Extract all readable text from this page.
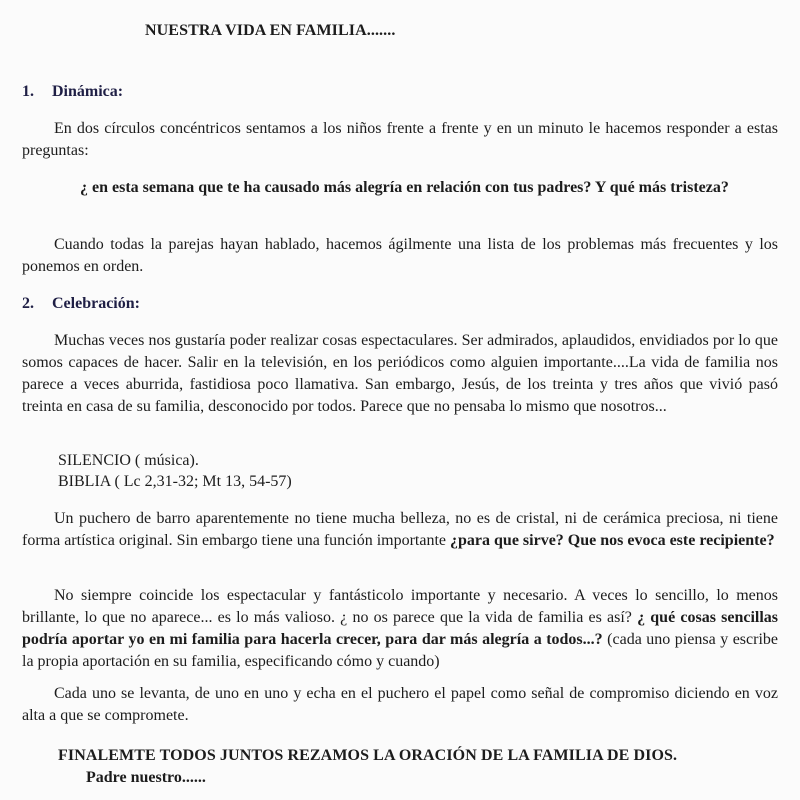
NUESTRA VIDA EN FAMILIA.......
1. Dinámica:
En dos círculos concéntricos sentamos a los niños frente a frente y en un minuto le hacemos responder a estas preguntas:
¿ en esta semana que te ha causado más alegría en relación con tus padres? Y qué más tristeza?
Cuando todas la parejas hayan hablado, hacemos ágilmente una lista de los problemas más frecuentes y los ponemos en orden.
2. Celebración:
Muchas veces nos gustaría poder realizar cosas espectaculares. Ser admirados, aplaudidos, envidiados por lo que somos capaces de hacer. Salir en la televisión, en los periódicos como alguien importante....La vida de familia nos parece a veces aburrida, fastidiosa poco llamativa. San embargo, Jesús, de los treinta y tres años que vivió pasó treinta en casa de su familia, desconocido por todos. Parece que no pensaba lo mismo que nosotros...
SILENCIO ( música).
BIBLIA ( Lc 2,31-32; Mt 13, 54-57)
Un puchero de barro aparentemente no tiene mucha belleza, no es de cristal, ni de cerámica preciosa, ni tiene forma artística original. Sin embargo tiene una función importante ¿para que sirve? Que nos evoca este recipiente?
No siempre coincide los espectacular y fantásticolo importante y necesario. A veces lo sencillo, lo menos brillante, lo que no aparece... es lo más valioso. ¿ no os parece que la vida de familia es así? ¿ qué cosas sencillas podría aportar yo en mi familia para hacerla crecer, para dar más alegría a todos...? (cada uno piensa y escribe la propia aportación en su familia, especificando cómo y cuando)
Cada uno se levanta, de uno en uno y echa en el puchero el papel como señal de compromiso diciendo en voz alta a que se compromete.
FINALEMTE TODOS JUNTOS REZAMOS LA ORACIÓN DE LA FAMILIA DE DIOS.
Padre nuestro......
